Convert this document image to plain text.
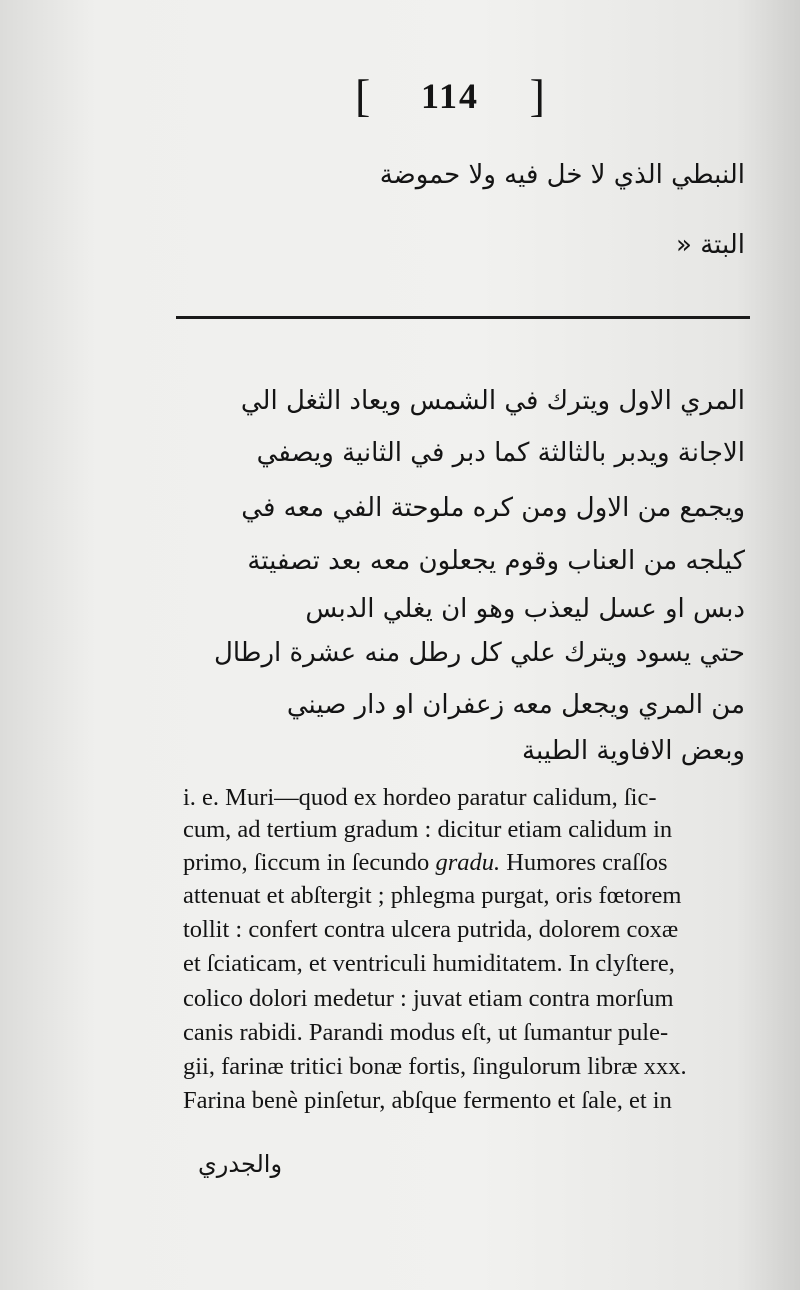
[ 114 ]
النبطي الذي لا خل فيه ولا حموضة
البتة «
المري الاول ويترك في الشمس ويعاد الثغل الي
الاجانة ويدبر بالثالثة كما دبر في الثانية ويصفي
ويجمع من الاول ومن كره ملوحتة الفي معه في
كيلجه من العناب وقوم يجعلون معه بعد تصفيتة
دبس او عسل ليعذب وهو ان يغلي الدبس
حتي يسود ويترك علي كل رطل منه عشرة ارطال
من المري ويجعل معه زعفران او دار صيني
وبعض الافاوية الطيبة
i. e. Muri—quod ex hordeo paratur calidum, ſic-
cum, ad tertium gradum : dicitur etiam calidum in
primo, ſiccum in ſecundo gradu. Humores craſſos
attenuat et abſtergit ; phlegma purgat, oris fœtorem
tollit : confert contra ulcera putrida, dolorem coxæ
et ſciaticam, et ventriculi humiditatem. In clyſtere,
colico dolori medetur : juvat etiam contra morſum
canis rabidi. Parandi modus eſt, ut ſumantur pule-
gii, farinæ tritici bonæ fortis, ſingulorum libræ xxx.
Farina benè pinſetur, abſque fermento et ſale, et in
والجدري
